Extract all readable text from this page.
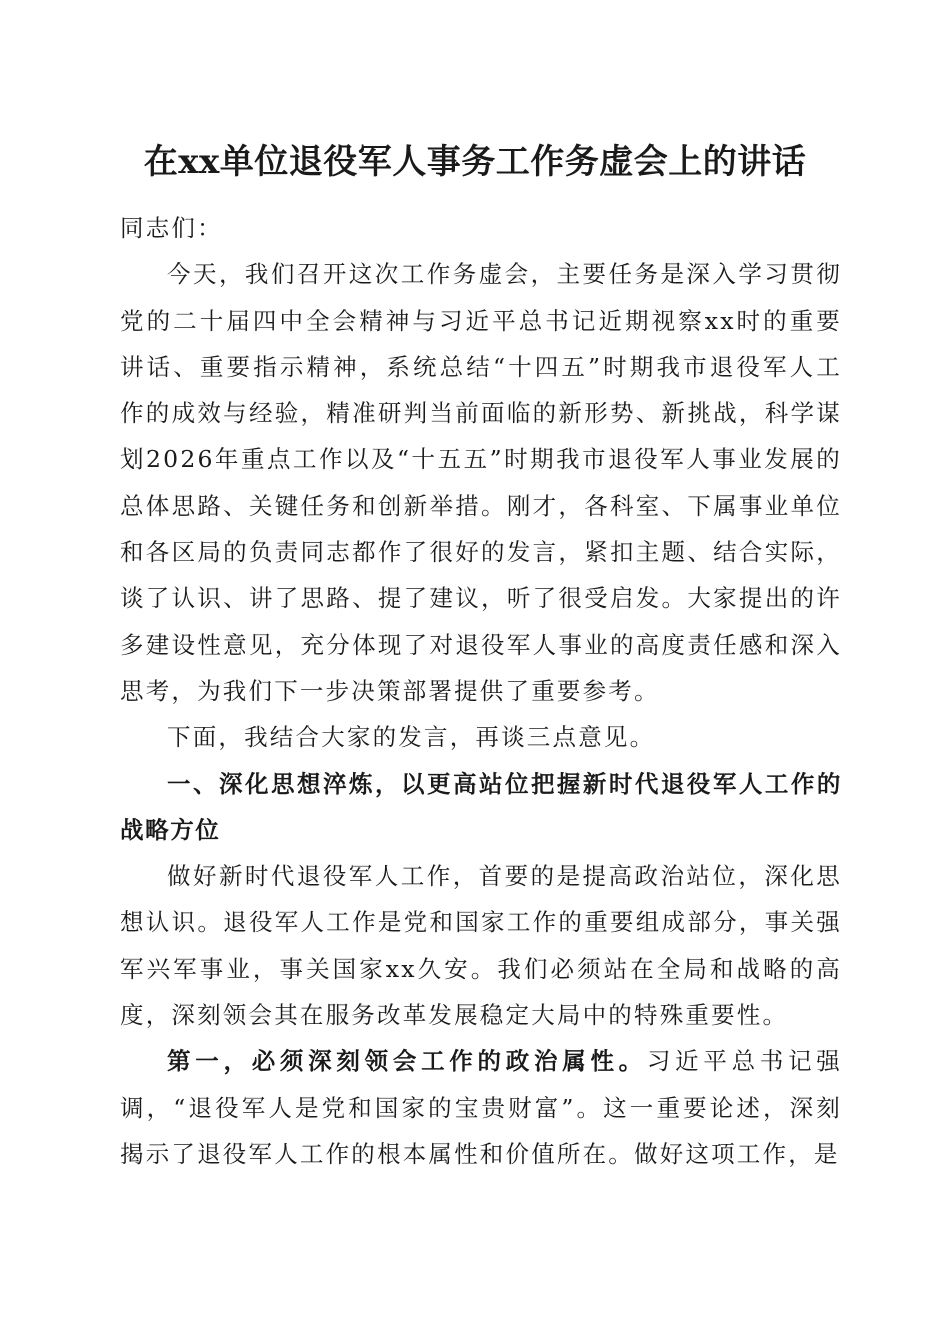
在xx单位退役军人事务工作务虚会上的讲话

同志们：

今天，我们召开这次工作务虚会，主要任务是深入学习贯彻党的二十届四中全会精神与习近平总书记近期视察xx时的重要讲话、重要指示精神，系统总结“十四五”时期我市退役军人工作的成效与经验，精准研判当前面临的新形势、新挑战，科学谋划2026年重点工作以及“十五五”时期我市退役军人事业发展的总体思路、关键任务和创新举措。刚才，各科室、下属事业单位和各区局的负责同志都作了很好的发言，紧扣主题、结合实际，谈了认识、讲了思路、提了建议，听了很受启发。大家提出的许多建设性意见，充分体现了对退役军人事业的高度责任感和深入思考，为我们下一步决策部署提供了重要参考。

下面，我结合大家的发言，再谈三点意见。

一、深化思想淬炼，以更高站位把握新时代退役军人工作的战略方位

做好新时代退役军人工作，首要的是提高政治站位，深化思想认识。退役军人工作是党和国家工作的重要组成部分，事关强军兴军事业，事关国家xx久安。我们必须站在全局和战略的高度，深刻领会其在服务改革发展稳定大局中的特殊重要性。

第一，必须深刻领会工作的政治属性。习近平总书记强调，“退役军人是党和国家的宝贵财富”。这一重要论述，深刻揭示了退役军人工作的根本属性和价值所在。做好这项工作，是
